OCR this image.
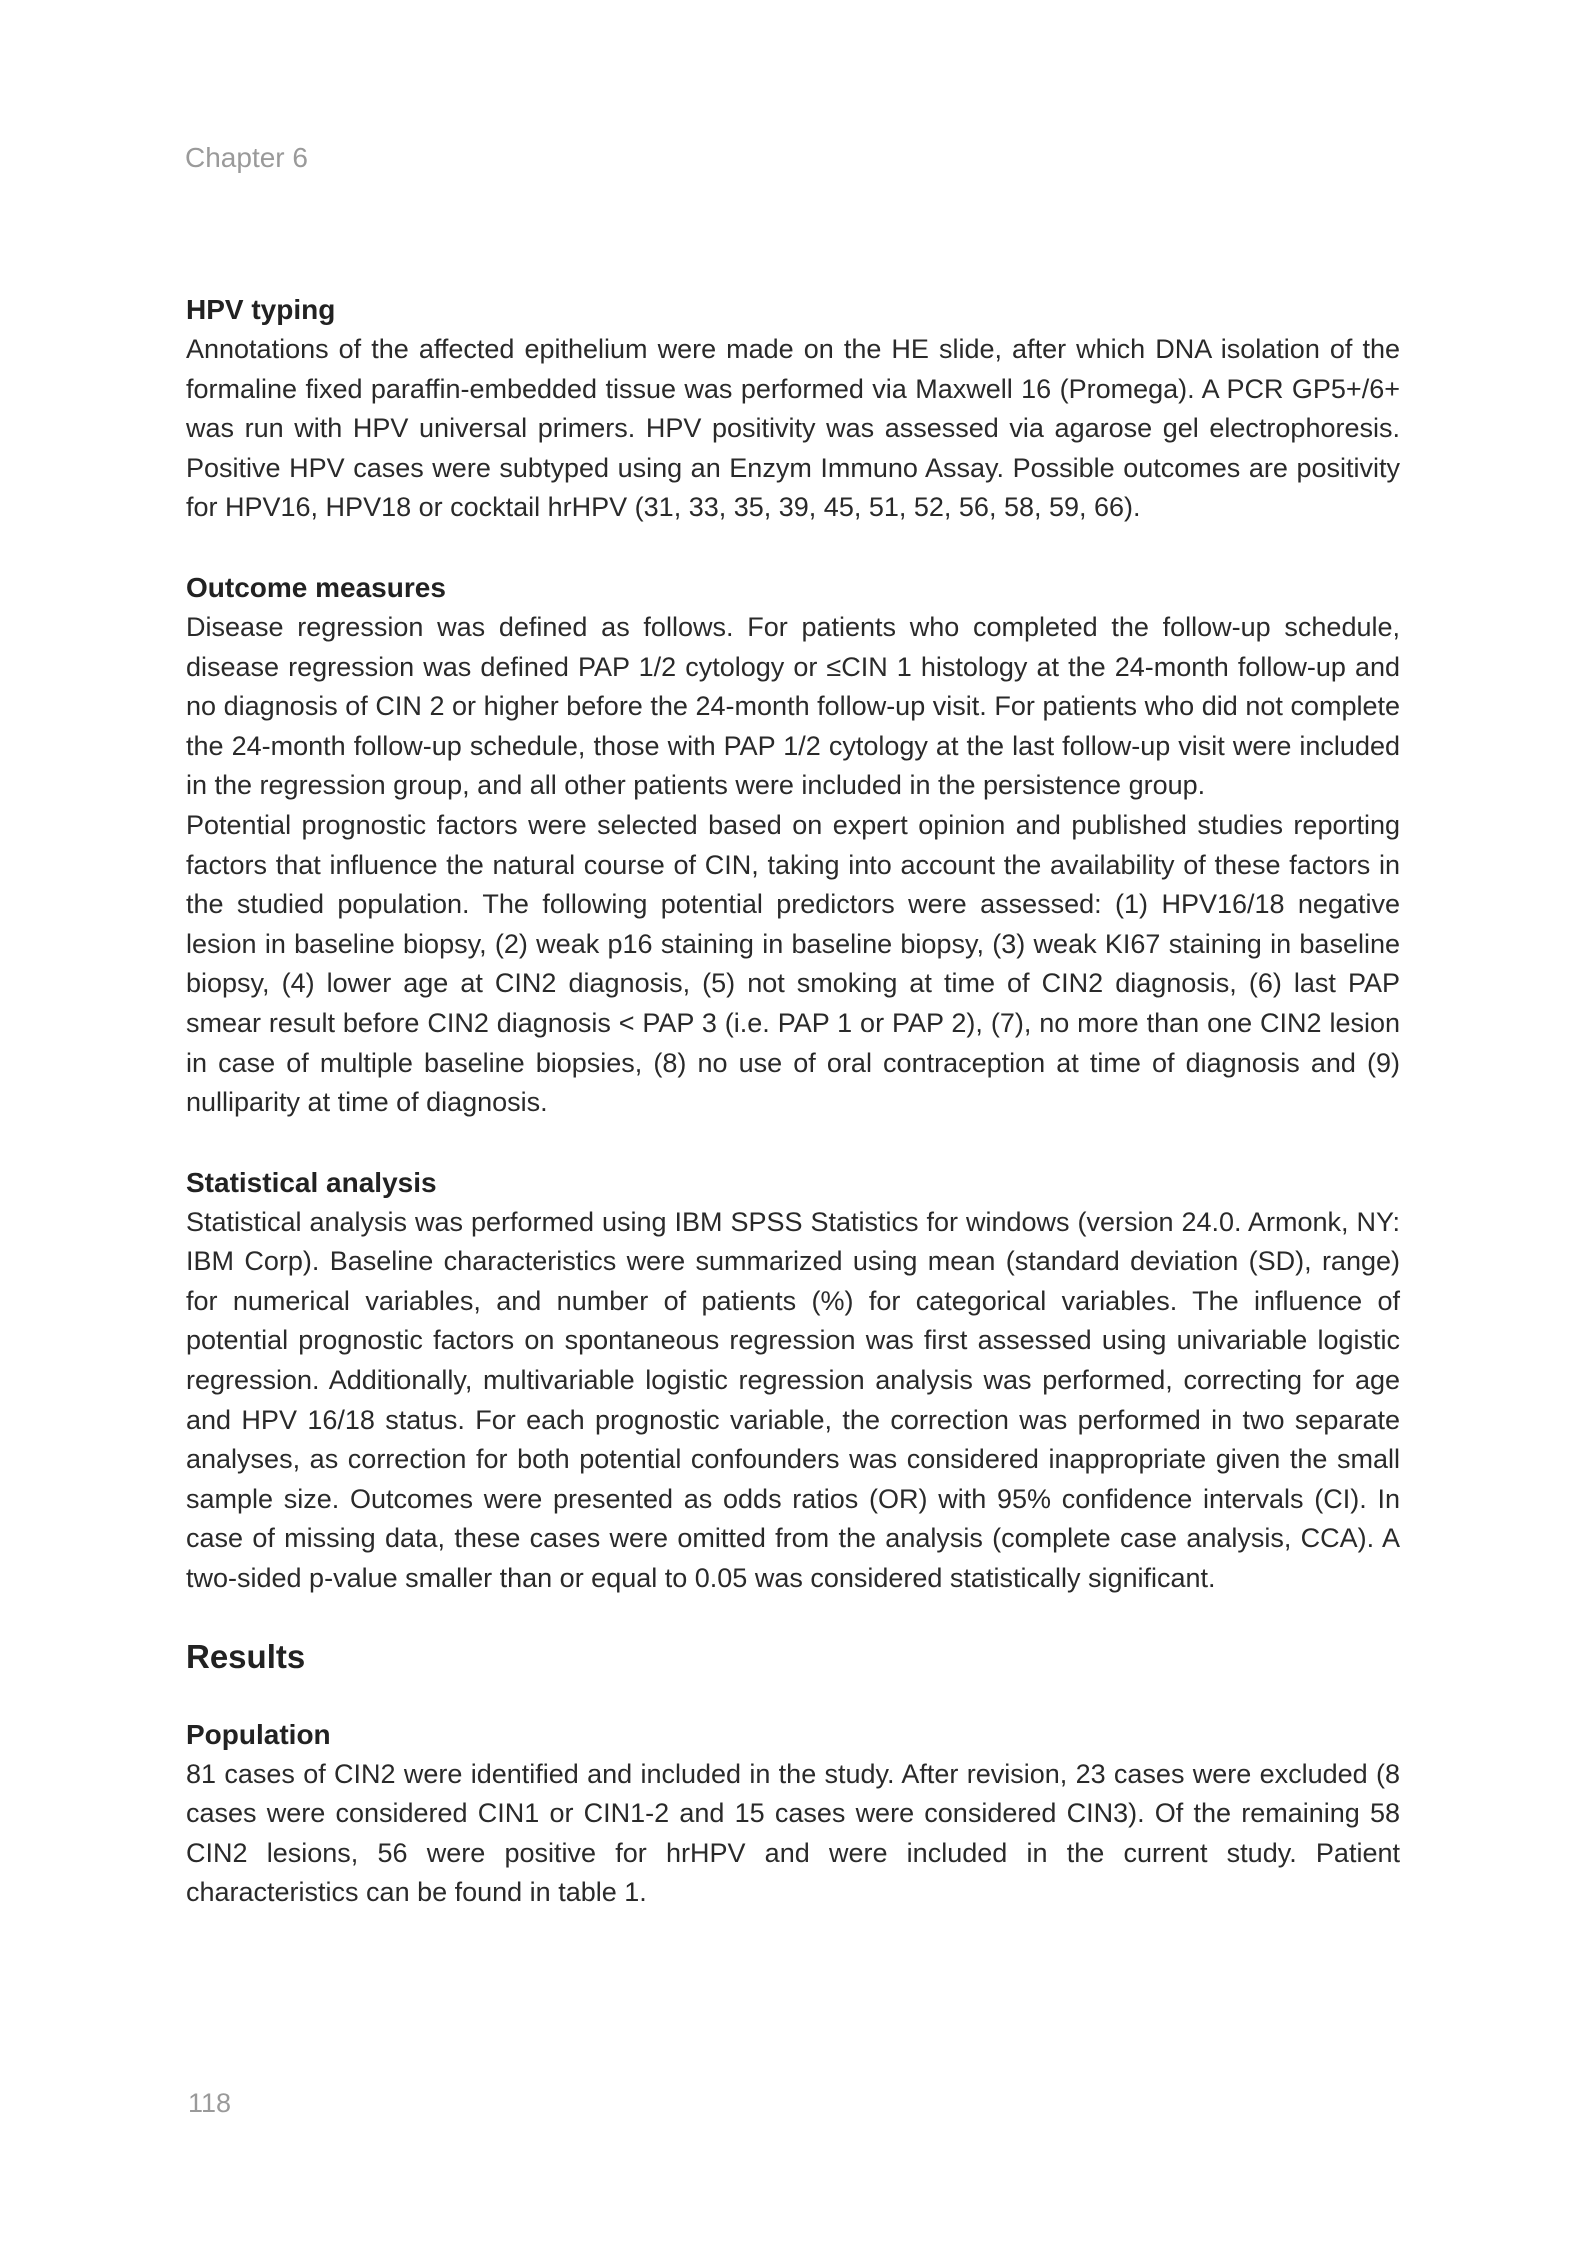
Chapter 6
HPV typing

Annotations of the affected epithelium were made on the HE slide, after which DNA isolation of the formaline fixed paraffin-embedded tissue was performed via Maxwell 16 (Promega). A PCR GP5+/6+ was run with HPV universal primers. HPV positivity was assessed via agarose gel electrophoresis. Positive HPV cases were subtyped using an Enzym Immuno Assay. Possible outcomes are positivity for HPV16, HPV18 or cocktail hrHPV (31, 33, 35, 39, 45, 51, 52, 56, 58, 59, 66).

Outcome measures

Disease regression was defined as follows. For patients who completed the follow-up schedule, disease regression was defined PAP 1/2 cytology or ≤CIN 1 histology at the 24-month follow-up and no diagnosis of CIN 2 or higher before the 24-month follow-up visit. For patients who did not complete the 24-month follow-up schedule, those with PAP 1/2 cytology at the last follow-up visit were included in the regression group, and all other patients were included in the persistence group.

Potential prognostic factors were selected based on expert opinion and published studies reporting factors that influence the natural course of CIN, taking into account the availability of these factors in the studied population. The following potential predictors were assessed: (1) HPV16/18 negative lesion in baseline biopsy, (2) weak p16 staining in baseline biopsy, (3) weak KI67 staining in baseline biopsy, (4) lower age at CIN2 diagnosis, (5) not smoking at time of CIN2 diagnosis, (6) last PAP smear result before CIN2 diagnosis < PAP 3 (i.e. PAP 1 or PAP 2), (7), no more than one CIN2 lesion in case of multiple baseline biopsies, (8) no use of oral contraception at time of diagnosis and (9) nulliparity at time of diagnosis.

Statistical analysis

Statistical analysis was performed using IBM SPSS Statistics for windows (version 24.0. Armonk, NY: IBM Corp). Baseline characteristics were summarized using mean (standard deviation (SD), range) for numerical variables, and number of patients (%) for categorical variables. The influence of potential prognostic factors on spontaneous regression was first assessed using univariable logistic regression. Additionally, multivariable logistic regression analysis was performed, correcting for age and HPV 16/18 status. For each prognostic variable, the correction was performed in two separate analyses, as correction for both potential confounders was considered inappropriate given the small sample size. Outcomes were presented as odds ratios (OR) with 95% confidence intervals (CI). In case of missing data, these cases were omitted from the analysis (complete case analysis, CCA). A two-sided p-value smaller than or equal to 0.05 was considered statistically significant.

Results
Population

81 cases of CIN2 were identified and included in the study. After revision, 23 cases were excluded (8 cases were considered CIN1 or CIN1-2 and 15 cases were considered CIN3). Of the remaining 58 CIN2 lesions, 56 were positive for hrHPV and were included in the current study. Patient characteristics can be found in table 1.

118
